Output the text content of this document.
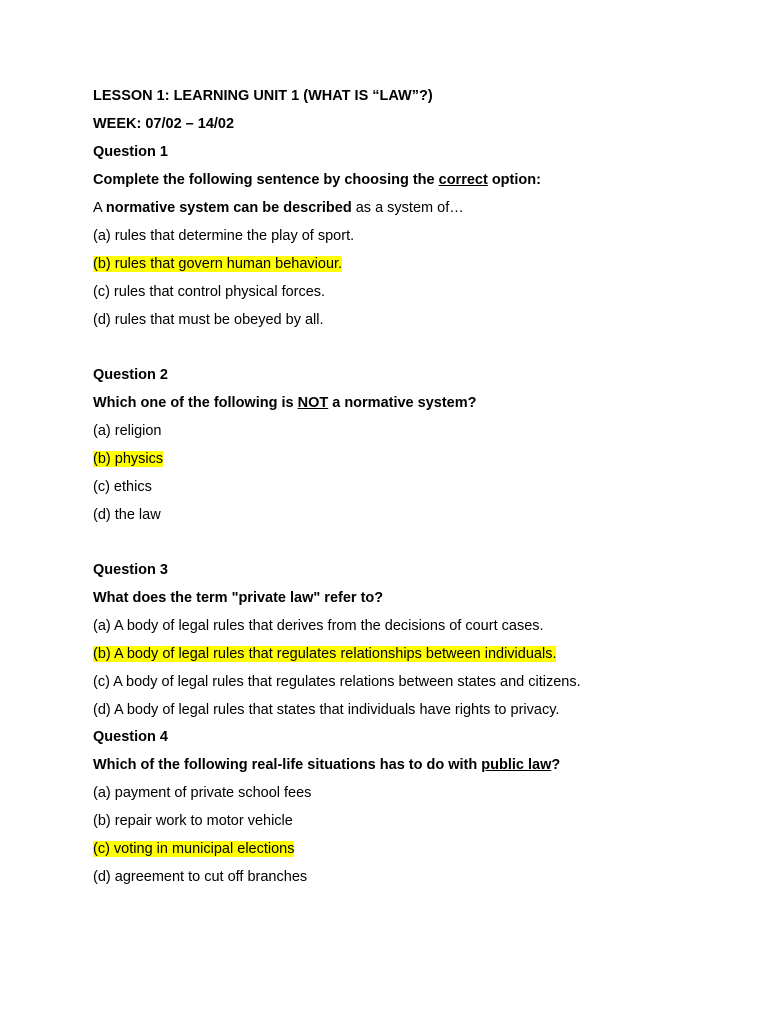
LESSON 1: LEARNING UNIT 1 (WHAT IS “LAW”?)

WEEK: 07/02 – 14/02

Question 1

Complete the following sentence by choosing the correct option:

A normative system can be described as a system of…

(a) rules that determine the play of sport.

(b) rules that govern human behaviour.

(c) rules that control physical forces.

(d) rules that must be obeyed by all.

Question 2

Which one of the following is NOT a normative system?

(a) religion

(b) physics

(c) ethics

(d) the law

Question 3

What does the term "private law" refer to?

(a) A body of legal rules that derives from the decisions of court cases.

(b) A body of legal rules that regulates relationships between individuals.

(c) A body of legal rules that regulates relations between states and citizens.

(d) A body of legal rules that states that individuals have rights to privacy.

Question 4

Which of the following real-life situations has to do with public law?

(a) payment of private school fees

(b) repair work to motor vehicle

(c) voting in municipal elections

(d) agreement to cut off branches
